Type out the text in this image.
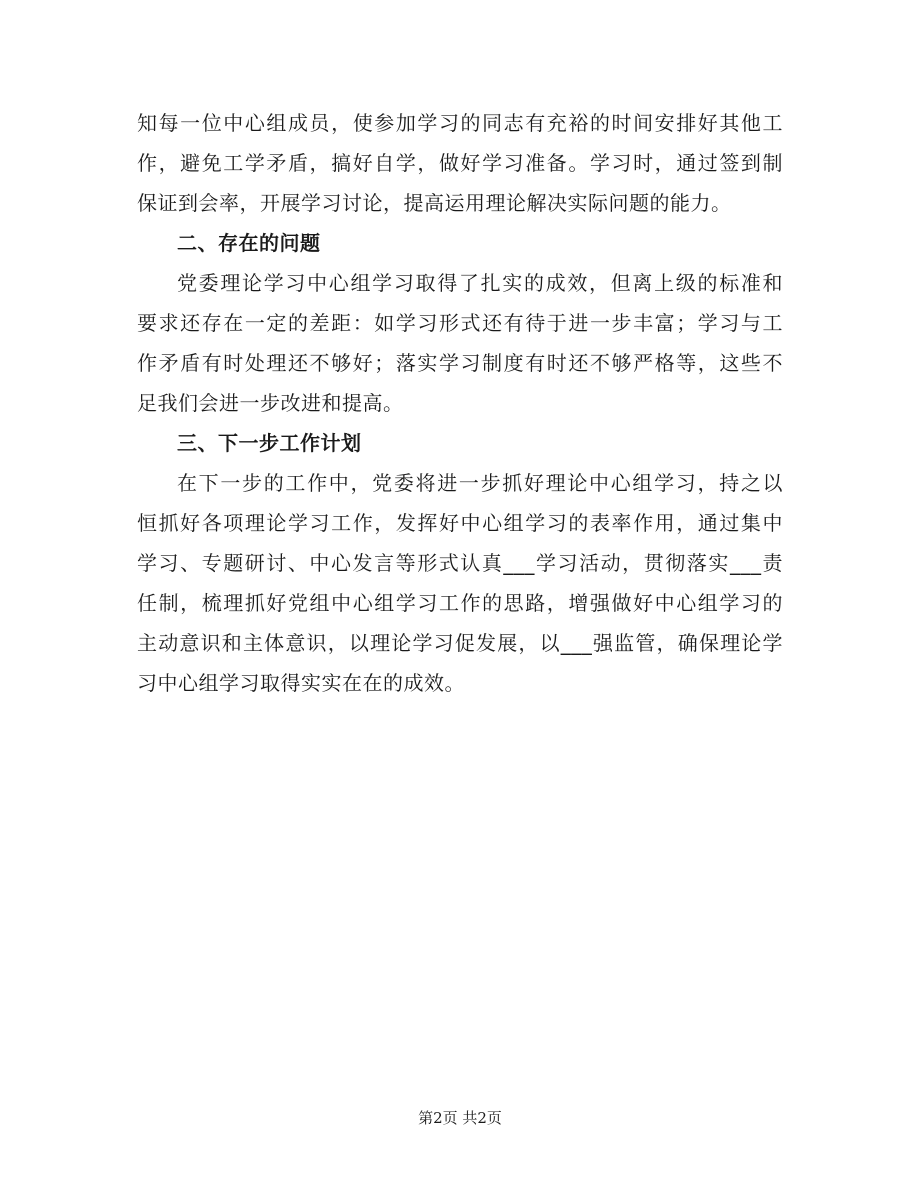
知每一位中心组成员，使参加学习的同志有充裕的时间安排好其他工
作，避免工学矛盾，搞好自学，做好学习准备。学习时，通过签到制
保证到会率，开展学习讨论，提高运用理论解决实际问题的能力。
二、存在的问题
党委理论学习中心组学习取得了扎实的成效，但离上级的标准和
要求还存在一定的差距：如学习形式还有待于进一步丰富；学习与工
作矛盾有时处理还不够好；落实学习制度有时还不够严格等，这些不
足我们会进一步改进和提高。
三、下一步工作计划
在下一步的工作中，党委将进一步抓好理论中心组学习，持之以
恒抓好各项理论学习工作，发挥好中心组学习的表率作用，通过集中
学习、专题研讨、中心发言等形式认真___学习活动，贯彻落实___责
任制，梳理抓好党组中心组学习工作的思路，增强做好中心组学习的
主动意识和主体意识，以理论学习促发展，以___强监管，确保理论学
习中心组学习取得实实在在的成效。
第2页 共2页
